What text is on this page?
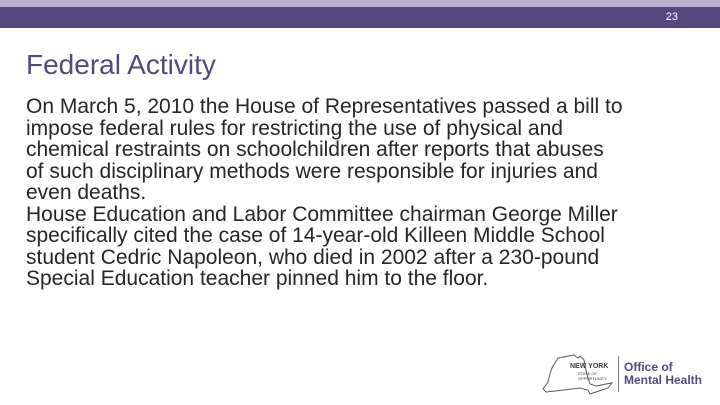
23
Federal Activity

On March 5, 2010 the House of Representatives passed a bill to impose federal rules for restricting the use of physical and chemical restraints on schoolchildren after reports that abuses of such disciplinary methods were responsible for injuries and even deaths.

House Education and Labor Committee chairman George Miller specifically cited the case of 14-year-old Killeen Middle School student Cedric Napoleon, who died in 2002 after a 230-pound Special Education teacher pinned him to the floor.

NEW YORK
STATE OF OPPORTUNITY.
Office of
Mental Health
